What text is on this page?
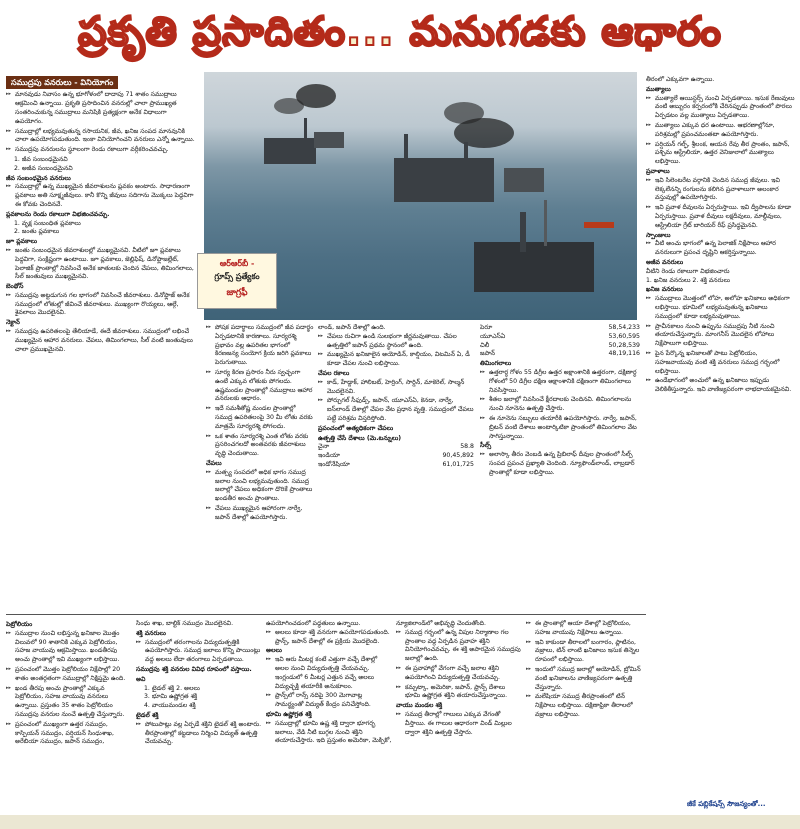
ప్రకృతి ప్రసాదితం... మనుగడకు ఆధారం
సముద్రపు వనరులు - వినియోగం
▸▸ మానవుడు నివాసం ఉన్న భూగోళంలో దాదాపు 71 శాతం సముద్రాలు ఆక్రమించి ఉన్నాయి. ప్రకృతి ప్రసాదించిన వనరుల్లో చాలా ప్రాముఖ్యత సంతరించుకున్న సముద్రాలు మనిషికి ప్రత్యక్షంగా అనేక విధాలుగా ఉపయోగం.
▸▸ సముద్రాల్లో లభ్యమవుతున్న రసాయనిక, జీవ, ఖనిజ సంపద మానవునికి చాలా ఉపయోగపడుతుంది. ఇంకా వినియోగించని వనరులు ఎన్నో ఉన్నాయి.
▸▸ సముద్రపు వనరులను స్థూలంగా రెండు రకాలుగా వర్గీకరించవచ్చు.
1. జీవ సంబంధమైనవి
2. అజీవ సంబంధమైనవి
జీవ సంబంధమైన వనరులు
▸▸ సముద్రాల్లో ఉన్న ముఖ్యమైన జీవరాశులను ప్లవకం అంటారు. సాధారణంగా ప్లవకాలు అతి సూక్ష్మజీవులు. కానీ కొన్ని జీవులు సదిగాను మొక్కలు పెద్దవిగా ఈ కోవకు చెందినవే.
ప్లవకాలను రెండు రకాలుగా విభజించవచ్చు.
1. వృక్ష సంబంధిత ప్లవకాలు
2. జంతు ప్లవకాలు
జూ ప్లవకాలు
▸▸ జంతు సంబంధమైన జీవరాశులల్లో ముఖ్యమైనవి. వీటిలో జూ ప్లవకాలు పెద్దవిగా, సంక్లిష్టంగా ఉంటాయి. జూ ప్లవకాలు, జెల్లిఫిష్, డినోఫ్లాజల్లేట్, పెలాజిక్ ప్రాంతాల్లో నివసించే అనేక జాతులకు చెందిన చేపలు, తిమింగలాలు, సీల్ జంతువులు ముఖ్యమైనవి.
బెంథోస్
▸▸ సముద్రపు అట్టడుగున గల భాగంలో నివసించే జీవరాశులు. డినోఫ్లాజ్ అనేక సముద్రంలో లోతుల్లో జీవించే జీవరాశులు. ముఖ్యంగా రొయ్యలు, ఆల్గే, శైవలాలు మొదలైనవి.
నెక్టాన్
▸▸ సముద్రపు ఉపరితలంపై తేలియాడే, ఈదే జీవరాశులు. సముద్రంలో లభించే ముఖ్యమైన ఆహార వనరులు. చేపలు, తిమింగలాలు, సీల్ వంటి జంతువులు చాలా ప్రముఖమైనవి.
ఆర్‌ఆర్‌బీ -
గ్రూప్స్ ప్రత్యేకం
జాగ్రఫీ
▸▸ పోషక పదార్థాలు సముద్రంలో జీవ పదార్థం ఏర్పడటానికి కారణాలు. సూర్యరశ్మి ప్రభావం వల్ల ఉపరితల భాగంలో కిరణజన్య సంయోగ క్రియ జరిగి ప్లవకాలు పెరుగుతాయి.
▸▸ సూర్య కిరణ ప్రసారం నీరు స్వచ్ఛంగా ఉంటే ఎక్కువ లోతుకు పోగలదు. ఉష్ణమండల ప్రాంతాల్లో సముద్రాలు ఆహార వనరులకు ఆధారం.
▸▸ ఇదే సమశీతోష్ణ మండల ప్రాంతాల్లో సముద్ర ఉపరితలంపై 30 మీ లోతు వరకు మాత్రమే సూర్యరశ్మి పోగలదు.
▸▸ ఒక శాతం సూర్యరశ్మి ఎంత లోతు వరకు ప్రసరించగలదో అంతవరకు జీవరాశులు వృద్ధి చెందుతాయి.
చేపలు
▸▸ మత్స్య సంపదలో అధిక భాగం సముద్ర జలాల నుంచి లభ్యమవుతుంది. సముద్ర జలాల్లో చేపలు అధికంగా దొరికే ప్రాంతాలు ఖండతీర అంచు ప్రాంతాలు.
▸▸ చేపలు ముఖ్యమైన ఆహారంగా నార్వే, జపాన్ దేశాల్లో ఉపయోగిస్తారు.
లాండ్, జపాన్ దేశాల్లో ఉంది.
▸▸ చేపలు రుచిగా ఉండి సులభంగా జీర్ణమవుతాయి. చేపల ఉత్పత్తిలో జపాన్ ప్రథమ స్థానంలో ఉంది.
▸▸ ముఖ్యమైన ఖనిజాలైన అయోడిన్, కాల్షియం, విటమిన్ ఏ, డీ కూడా చేపల నుంచి లభిస్తాయి.
చేపల రకాలు
▸▸ కాడ్, హేడ్డాక్, హాలిబట్, హెర్రింగ్, సార్డిన్, మాకెరెల్, సాల్మన్ మొదలైనవి.
▸▸ పోర్చుగల్ సీఫుడ్స్, జపాన్, యూఎస్ఏ, కెనడా, నార్వే, ఐస్‌లాండ్ దేశాల్లో చేపల వేట ప్రధాన వృత్తి. సముద్రంలో చేపలు పట్టే పరిశ్రమ విస్తరిస్తోంది.
ప్రపంచంలో అత్యధికంగా చేపలు
ఉత్పత్తి చేసే దేశాలు (మె.టన్నులు)
చైనా	58.8
ఇండియా	90,45,892
ఇండోనేషియా	61,01,725
పెరూ	58,54,233
యూఎస్ఏ	53,60,595
చిలీ	50,28,539
జపాన్	48,19,116
తిమింగలాలు
▸▸ ఉత్తరార్ధ గోళం 55 డిగ్రీల ఉత్తర అక్షాంశానికి ఉత్తరంగా, దక్షిణార్ధ గోళంలో 50 డిగ్రీల దక్షిణ అక్షాంశానికి దక్షిణంగా తిమింగలాలు నివసిస్తాయి.
▸▸ శీతల జలాల్లో నివసించే క్షీరదాలకు చెందినవి. తిమింగలాలను నుంచి నూనెను ఉత్పత్తి చేస్తారు.
▸▸ ఈ నూనెను సబ్బులు తయారీకి ఉపయోగిస్తారు. నార్వే, జపాన్, బ్రిటన్ వంటి దేశాలు అంటార్కిటికా ప్రాంతంలో తిమింగలాల వేట సాగిస్తున్నాయి.
సీల్స్
▸▸ అలాస్కా తీరం వెంబడి ఉన్న ప్రిబిలాఫ్ దీవుల ప్రాంతంలో సీల్స్ సంపద ప్రపంచ ప్రఖ్యాతి చెందింది. న్యూఫౌండ్‌లాండ్, లాబ్రడార్ ప్రాంతాల్లో కూడా లభిస్తాయి.
తీరంలో ఎక్కువగా ఉన్నాయి.
ముత్యాలు
▸▸ ముత్యాలే ఆయిస్టర్స్ నుంచి ఏర్పడతాయి. ఇసుక రేణువులు వంటి అబ్బురం కర్పరంలోకి చేరినప్పుడు ప్రాంతంలో పొరలు ఏర్పడటం వల్ల ముత్యాలు ఏర్పడతాయి.
▸▸ ముత్యాలు ఎక్కువ ధర ఉంటాయి. ఆభరణాల్లోనూ, పరిశ్రమల్లో ప్రపంచమంతటా ఉపయోగిస్తారు.
▸▸ పర్షియన్ గల్ఫ్, శ్రీలంక, ఆయన రేవు తీర ప్రాంతం, జపాన్, పశ్చిమ ఆస్ట్రేలియా, ఉత్తర వెనిజులాలో ముత్యాలు లభిస్తాయి.
ప్రవాళాలు
▸▸ ఇవి సిలెంటరేట వర్గానికి చెందిన సముద్ర జీవులు. ఇవి లెక్కలేనన్ని రంగులను కలిగిన ప్రవాళాలుగా అలంకార వస్తువుల్లో ఉపయోగిస్తారు.
▸▸ ఇవి ప్రవాళ దీవులను ఏర్పరుస్తాయి. ఇవి ద్వీపాలను కూడా ఏర్పరుస్తాయి. ప్రవాళ దీవులు లక్షదీవులు, మాల్దీవులు, ఆస్ట్రేలియా గ్రేట్ బారియర్ రీఫ్ ప్రసిద్ధమైనవి.
స్పాంజులు
▸▸ వీటి అంచు భాగంలో ఉన్న పెలాజిక్ నిక్షేపాలు ఆహార వనరులుగా ప్రపంచ దృష్టిని ఆకర్షిస్తున్నాయి.
అజీవ వనరులు
వీటిని రెండు రకాలుగా విభజించారు
1. ఖనిజ వనరులు 2. శక్తి వనరులు
ఖనిజ వనరులు
▸▸ సముద్రాలు మొత్తంలో లోహ, అలోహ ఖనిజాలు అధికంగా లభిస్తాయి. భూమిలో లభ్యమవుతున్న ఖనిజాలు సముద్రంలో కూడా లభ్యమవుతాయి.
▸▸ ప్రాచీనకాలం నుంచి ఉప్పును సముద్రపు నీటి నుంచి తయారుచేస్తున్నారు. మాంగనీస్ మొదలైన లోహాలు నిక్షేపాలుగా లభిస్తాయి.
▸▸ పైన పేర్కొన్న ఖనిజాలతో పాటు పెట్రోలియం, సహజవాయువు వంటి శక్తి వనరులు సముద్ర గర్భంలో లభిస్తాయి.
▸▸ ఉండేభాగంలో అంచులో ఉన్న ఖనిజాలు ఇప్పుడు వెలికితీస్తున్నారు. ఇవి వాణిజ్యపరంగా లాభదాయకమైనవి.
పెట్రోలియం
▸▸ సముద్రాల నుంచి లభిస్తున్న ఖనిజాల మొత్తం విలువలో 90 శాతానికి ఎక్కువ పెట్రోలియం, సహజ వాయువు ఆక్రమిస్తాయి. ఖండతీరపు అంచు ప్రాంతాల్లో ఇవి ముఖ్యంగా లభిస్తాయి.
▸▸ ప్రపంచంలో మొత్తం పెట్రోలియం నిక్షేపాల్లో 20 శాతం అంతర్గతంగా సముద్రాల్లో నిక్షిప్తమై ఉంది.
▸▸ ఖండ తీరపు అంచు ప్రాంతాల్లో ఎక్కువ పెట్రోలియం, సహజ వాయువు వనరులు ఉన్నాయి. ప్రస్తుతం 35 శాతం పెట్రోలియం సముద్రపు వనరుల నుంచే ఉత్పత్తి చేస్తున్నారు.
▸▸ ప్రపంచంలో ముఖ్యంగా ఉత్తర సముద్రం, కాస్పియన్ సముద్రం, పర్షియన్ సింధుశాఖ, అరేబియా సముద్రం, జపాన్ సముద్రం,
సింధు శాఖ, బాల్టిక్ సముద్రం మొదలైనవి.
శక్తి వనరులు
▸▸ సముద్రంలో తరంగాలను విద్యుదుత్పత్తికి ఉపయోగిస్తారు. సముద్ర జలాలు కొన్ని పాయింట్లు వద్ద అలలు లేదా తరంగాలు ఏర్పడతాయి.
సముద్రపు శక్తి వనరుల వివిధ రూపంలో వస్తాయి.
అవి
1. టైడల్ శక్తి 2. అలలు
3. భూమి ఉష్ణోగ్రత శక్తి
4. వాయుమండల శక్తి
టైడల్ శక్తి
▸▸ పోటుపాట్లు వల్ల ఏర్పడే శక్తిని టైడల్ శక్తి అంటారు. తీరప్రాంతాల్లో కట్టడాలు నిర్మించి విద్యుత్ ఉత్పత్తి చేయవచ్చు.
ఉపయోగించడంలో పద్ధతులు ఉన్నాయి.
▸▸ అలలు కూడా శక్తి వనరుగా ఉపయోగపడుతుంది. ఫ్రాన్స్, జపాన్ దేశాల్లో ఈ ప్రక్రియ మొదలైంది.
అలలు
▸▸ ఇవి ఆరు మీటర్ల కంటే ఎత్తుగా వచ్చే దేశాల్లో అలల నుంచి విద్యుదుత్పత్తి చేయవచ్చు. ఇంగ్లండులో 6 మీటర్ల ఎత్తున వచ్చే అలలు విద్యుచ్ఛక్తి తయారీకి అనుకూలం.
▸▸ ఫ్రాన్స్‌లో రాన్స్ నదిపై 300 మెగావాట్ల సామర్థ్యంతో విద్యుత్ కేంద్రం పనిచేస్తోంది.
భూమి ఉష్ణోగ్రత శక్తి
▸▸ సముద్రాల్లో భూమి ఉష్ణ శక్తి ద్వారా భూగర్భ జలాలు, వేడి నీటి బుగ్గల నుంచి శక్తిని తయారుచేస్తారు. ఇది ప్రస్తుతం అమెరికా, మెక్సికో,
న్యూజిలాండ్‌లో అభివృద్ధి చెందుతోంది.
▸▸ సముద్ర గర్భంలో ఉన్న విపుల నిర్మాణాల గల ప్రాంతాల వద్ద ఏర్పడిన ప్రవాహ శక్తిని వినియోగించవచ్చు. ఈ శక్తి అపారమైన సముద్రపు జలాల్లో ఉంది.
▸▸ ఈ ప్రవాహాల్లో వేగంగా వచ్చే జలాల శక్తిని ఉపయోగించి విద్యుదుత్పత్తి చేయవచ్చు.
▸▸ కమ్చట్కా, అమెరికా, జపాన్, ఫ్రాన్స్ దేశాలు భూమి ఉష్ణోగ్రత శక్తిని తయారుచేస్తున్నాయి.
వాయు మండల శక్తి
▸▸ సముద్ర తీరాల్లో గాలులు ఎక్కువ వేగంతో వీస్తాయి. ఈ గాలుల ఆధారంగా విండ్ మిల్లుల ద్వారా శక్తిని ఉత్పత్తి చేస్తారు.
▸▸ ఈ ప్రాంతాల్లో ఆయా దేశాల్లో పెట్రోలియం, సహజ వాయువు నిక్షేపాలు ఉన్నాయి.
▸▸ ఇవి కాకుండా తీరాలలో బంగారం, ప్లాటినం, వజ్రాలు, టిన్ లాంటి ఖనిజాలు ఇసుక తిన్నెల రూపంలో లభిస్తాయి.
▸▸ ఇందులో సముద్ర జలాల్లో అయోడిన్, బ్రోమిన్ వంటి ఖనిజాలను వాణిజ్యపరంగా ఉత్పత్తి చేస్తున్నారు.
▸▸ మలేషియా సముద్ర తీరప్రాంతంలో టిన్ నిక్షేపాలు లభిస్తాయి. దక్షిణాఫ్రికా తీరాలలో వజ్రాలు లభిస్తాయి.
జీకే పబ్లికేషన్స్ సౌజన్యంతో...
